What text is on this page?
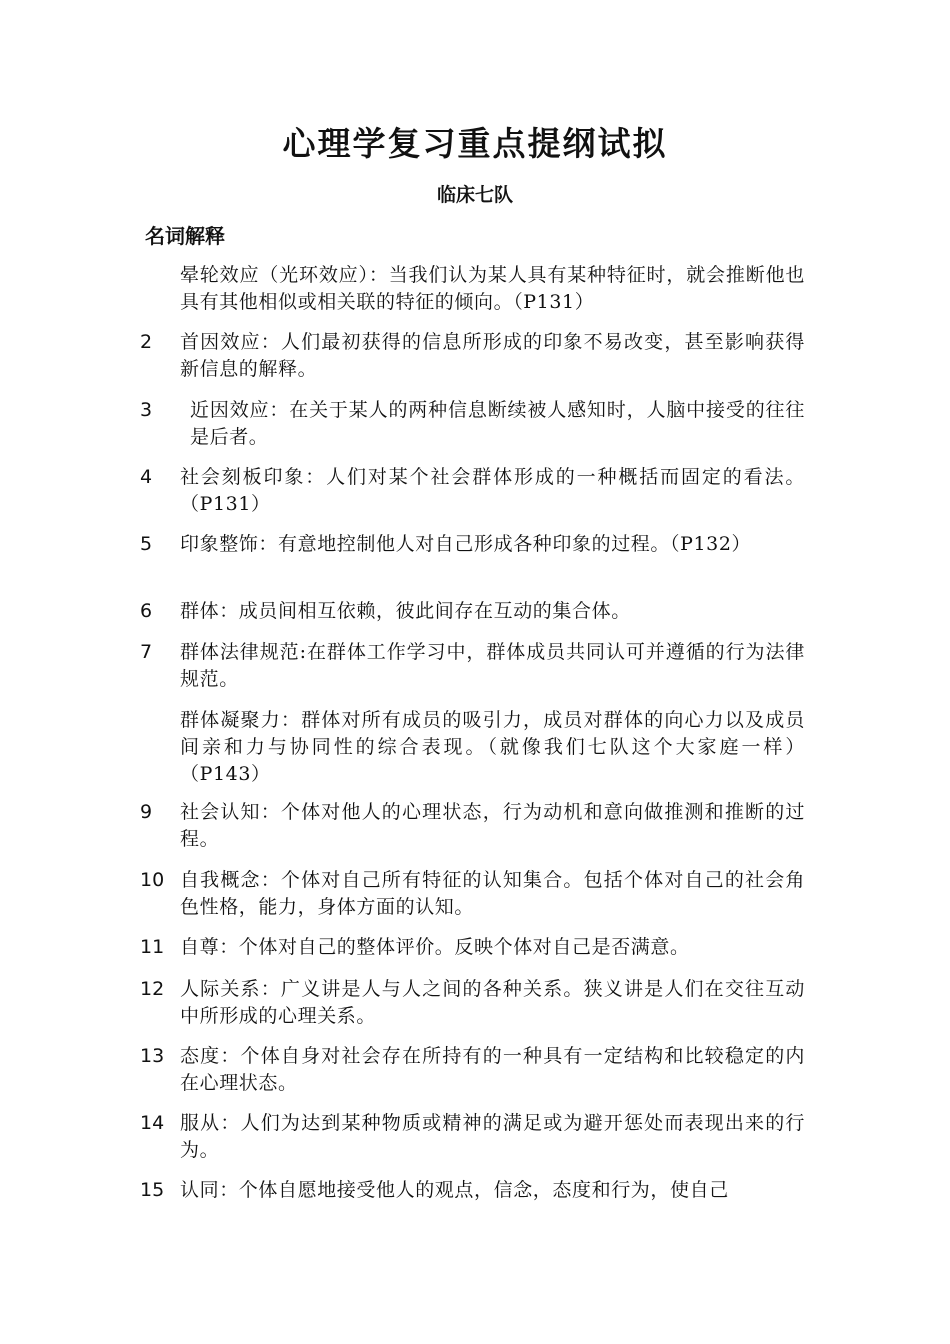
心理学复习重点提纲试拟
临床七队
名词解释
晕轮效应（光环效应）：当我们认为某人具有某种特征时，就会推断他也具有其他相似或相关联的特征的倾向。（P131）
2	首因效应：人们最初获得的信息所形成的印象不易改变，甚至影响获得新信息的解释。
3	近因效应：在关于某人的两种信息断续被人感知时，人脑中接受的往往是后者。
4	社会刻板印象：人们对某个社会群体形成的一种概括而固定的看法。（P131）
5	印象整饰：有意地控制他人对自己形成各种印象的过程。（P132）
6	群体：成员间相互依赖，彼此间存在互动的集合体。
7	群体法律规范:在群体工作学习中，群体成员共同认可并遵循的行为法律规范。
群体凝聚力：群体对所有成员的吸引力，成员对群体的向心力以及成员间亲和力与协同性的综合表现。（就像我们七队这个大家庭一样）（P143）
9	社会认知：个体对他人的心理状态，行为动机和意向做推测和推断的过程。
10 自我概念：个体对自己所有特征的认知集合。包括个体对自己的社会角色性格，能力，身体方面的认知。
11 自尊：个体对自己的整体评价。反映个体对自己是否满意。
12 人际关系：广义讲是人与人之间的各种关系。狭义讲是人们在交往互动中所形成的心理关系。
13 态度：个体自身对社会存在所持有的一种具有一定结构和比较稳定的内在心理状态。
14 服从：人们为达到某种物质或精神的满足或为避开惩处而表现出来的行为。
15 认同：个体自愿地接受他人的观点，信念，态度和行为，使自己
